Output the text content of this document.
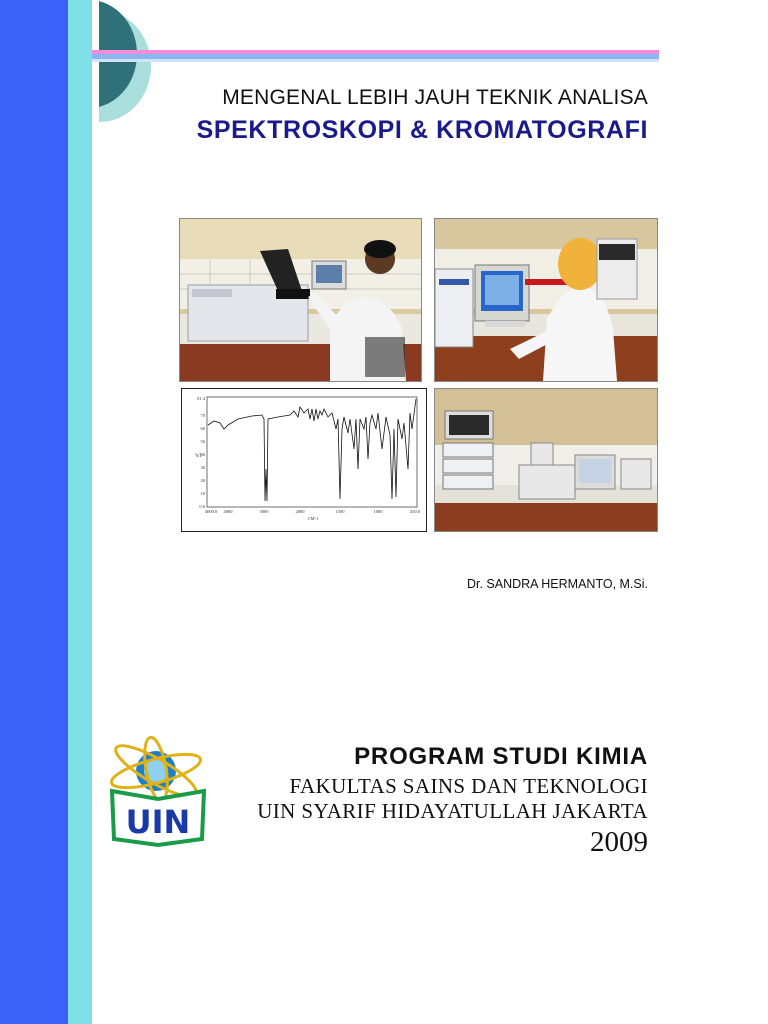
MENGENAL LEBIH JAUH TEKNIK ANALISA
SPEKTROSKOPI & KROMATOGRAFI
81.4
70
60
50
40
30
20
10
0.0
%T
4000.0 4000	3000	2000	1500	1000	450.0
CM-1
Dr. SANDRA HERMANTO, M.Si.
UIN
PROGRAM STUDI KIMIA
FAKULTAS SAINS DAN TEKNOLOGI
UIN SYARIF HIDAYATULLAH JAKARTA
2009
